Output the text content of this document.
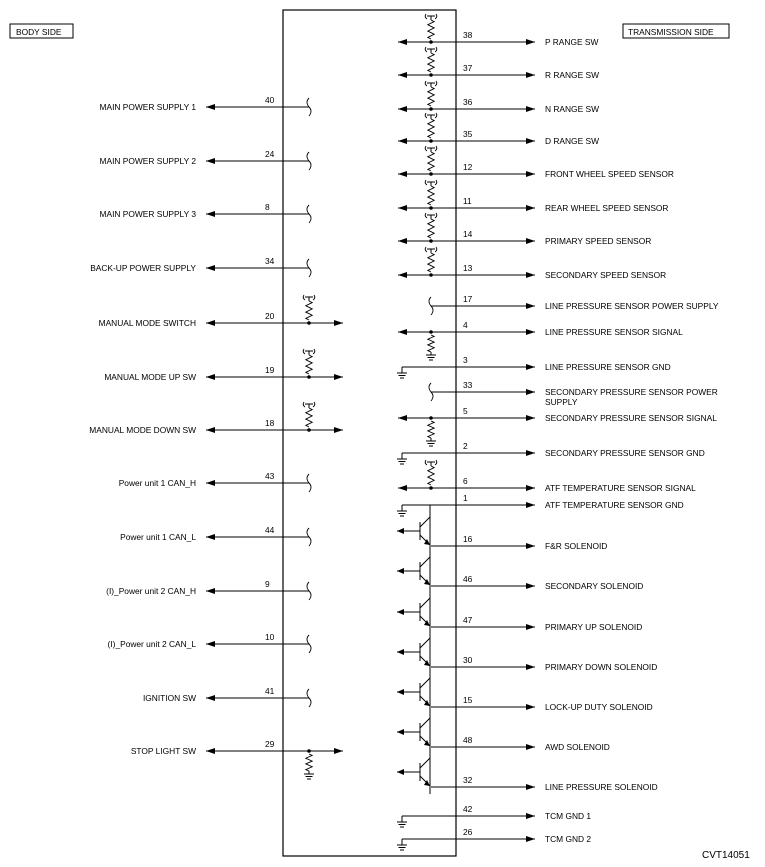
BODY SIDE	TRANSMISSION SIDE
MAIN POWER SUPPLY 1
40
MAIN POWER SUPPLY 2
24
MAIN POWER SUPPLY 3
8
BACK-UP POWER SUPPLY
34
MANUAL MODE SWITCH
20
MANUAL MODE UP SW
19
MANUAL MODE DOWN SW
18
Power unit 1 CAN_H
43
Power unit 1 CAN_L
44
(I)_Power unit 2 CAN_H
9
(I)_Power unit 2 CAN_L
10
IGNITION SW
41
STOP LIGHT SW
29
P RANGE SW
38
R RANGE SW
37
N RANGE SW
36
D RANGE SW
35
FRONT WHEEL SPEED SENSOR
12
REAR WHEEL SPEED SENSOR
11
PRIMARY SPEED SENSOR
14
SECONDARY SPEED SENSOR
13
LINE PRESSURE SENSOR POWER SUPPLY
17
LINE PRESSURE SENSOR SIGNAL
4
LINE PRESSURE SENSOR GND
3
SECONDARY PRESSURE SENSOR POWER
SUPPLY
33
SECONDARY PRESSURE SENSOR SIGNAL
5
SECONDARY PRESSURE SENSOR GND
2
ATF TEMPERATURE SENSOR SIGNAL
6
ATF TEMPERATURE SENSOR GND
1
F&R SOLENOID
16
SECONDARY SOLENOID
46
PRIMARY UP SOLENOID
47
PRIMARY DOWN SOLENOID
30
LOCK-UP DUTY SOLENOID
15
AWD SOLENOID
48
LINE PRESSURE SOLENOID
32
TCM GND 1
42
TCM GND 2
26
CVT14051
